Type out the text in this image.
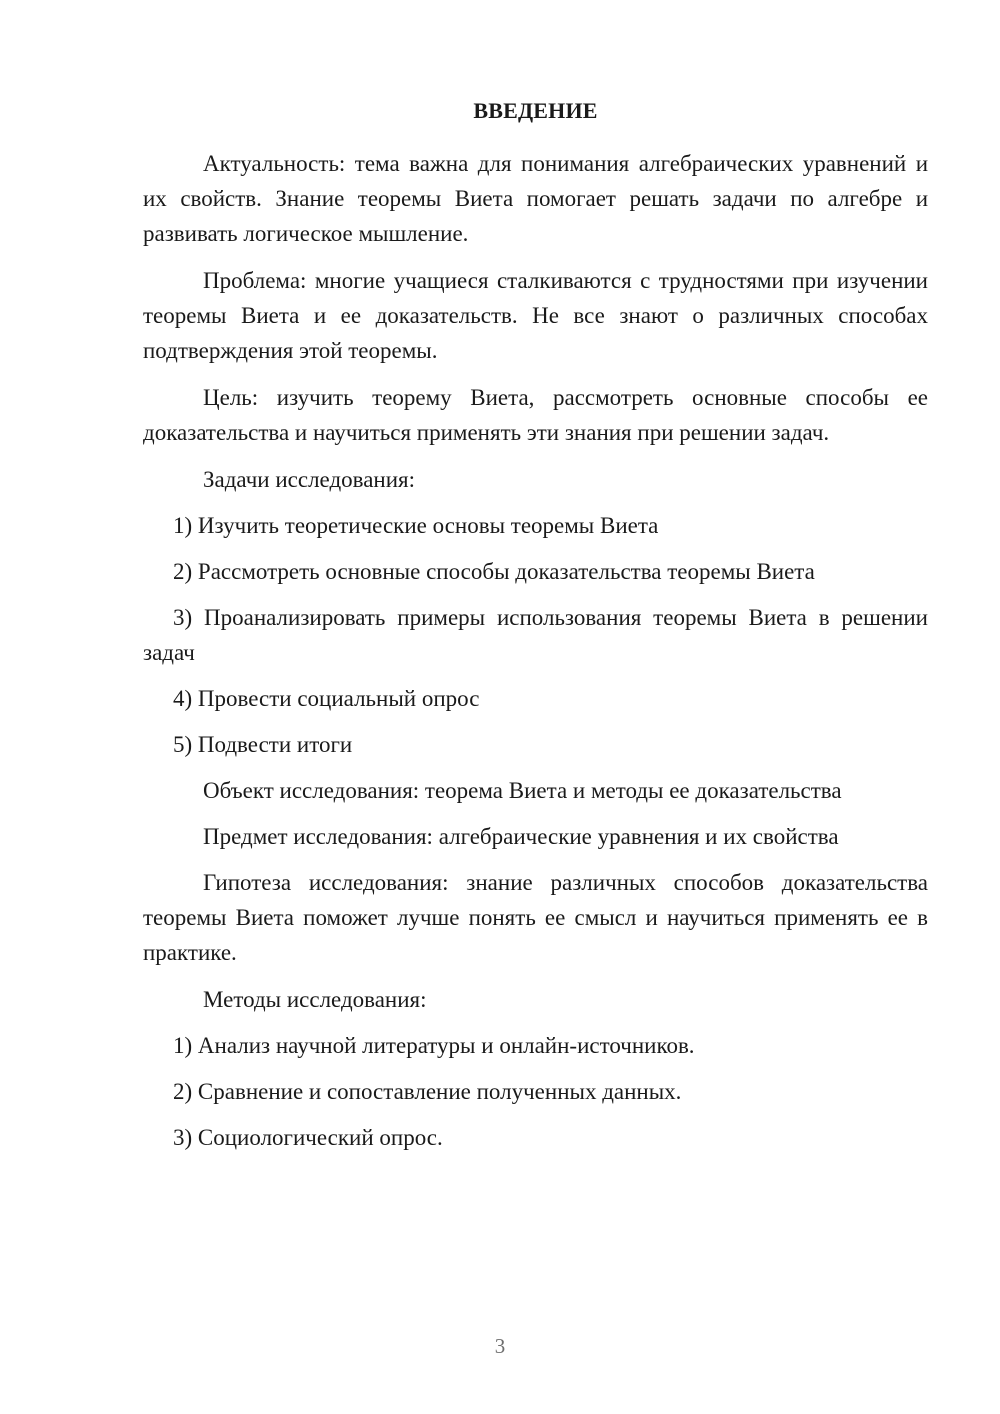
ВВЕДЕНИЕ

Актуальность: тема важна для понимания алгебраических уравнений и их свойств. Знание теоремы Виета помогает решать задачи по алгебре и развивать логическое мышление.

Проблема: многие учащиеся сталкиваются с трудностями при изучении теоремы Виета и ее доказательств. Не все знают о различных способах подтверждения этой теоремы.

Цель: изучить теорему Виета, рассмотреть основные способы ее доказательства и научиться применять эти знания при решении задач.

Задачи исследования:

1) Изучить теоретические основы теоремы Виета

2) Рассмотреть основные способы доказательства теоремы Виета

3) Проанализировать примеры использования теоремы Виета в решении задач

4) Провести социальный опрос

5) Подвести итоги

Объект исследования: теорема Виета и методы ее доказательства

Предмет исследования: алгебраические уравнения и их свойства

Гипотеза исследования: знание различных способов доказательства теоремы Виета поможет лучше понять ее смысл и научиться применять ее в практике.

Методы исследования:

1) Анализ научной литературы и онлайн-источников.

2) Сравнение и сопоставление полученных данных.

3) Социологический опрос.

3
